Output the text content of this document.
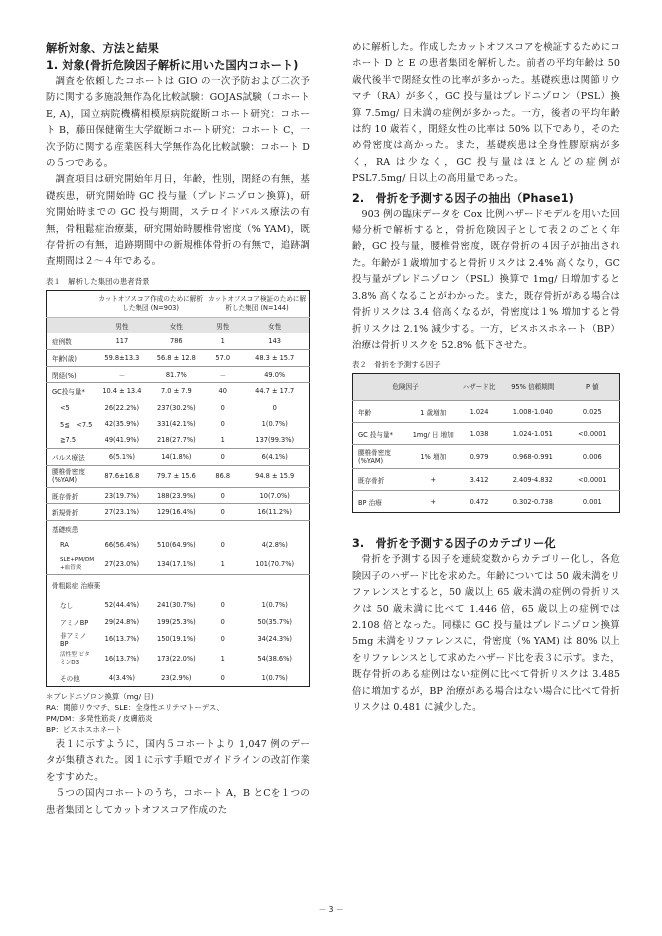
解析対象、方法と結果
1. 対象(骨折危険因子解析に用いた国内コホート)

調査を依頼したコホートは GIO の一次予防および二次予防に関する多施設無作為化比較試験：GOJAS試験（コホート E, A)，国立病院機構相模原病院縦断コホート研究：コホート B，藤田保健衛生大学縦断コホート研究：コホート C，一次予防に関する産業医科大学無作為化比較試験：コホート D の５つである。

調査項目は研究開始年月日，年齢，性別，閉経の有無，基礎疾患，研究開始時 GC 投与量（プレドニゾロン換算)，研究開始時までの GC 投与期間，ステロイドパルス療法の有無，骨粗鬆症治療薬，研究開始時腰椎骨密度（% YAM)，既存骨折の有無，追跡期間中の新規椎体骨折の有無で，追跡調査期間は２～４年である。

表１　解析した集団の患者背景
	カットオフスコア作成のために解析した集団 (N=903)		カットオフスコア検証のために解析した集団 (N=144)	
	男性	女性	男性	女性
症例数	117	786	1	143
年齢(歳)	59.8±13.3	56.8 ± 12.8	57.0	48.3 ± 15.7
閉経(%)	－	81.7%	－	49.0%
GC投与量*	10.4 ± 13.4	7.0 ± 7.9	40	44.7 ± 17.7
<5	26(22.2%)	237(30.2%)	0	0
5≦　<7.5	42(35.9%)	331(42.1%)	0	1(0.7%)
≧7.5	49(41.9%)	218(27.7%)	1	137(99.3%)
パルス療法	6(5.1%)	14(1.8%)	0	6(4.1%)
腰椎骨密度 (%YAM)	87.6±16.8	79.7 ± 15.6	86.8	94.8 ± 15.9
既存骨折	23(19.7%)	188(23.9%)	0	10(7.0%)
新規骨折	27(23.1%)	129(16.4%)	0	16(11.2%)
基礎疾患				
RA	66(56.4%)	510(64.9%)	0	4(2.8%)
SLE+PM/DM +血管炎	27(23.0%)	134(17.1%)	1	101(70.7%)
骨粗鬆症 治療薬				
なし	52(44.4%)	241(30.7%)	0	1(0.7%)
アミノBP	29(24.8%)	199(25.3%)	0	50(35.7%)
非アミノBP	16(13.7%)	150(19.1%)	0	34(24.3%)
活性型 ビタミンD3	16(13.7%)	173(22.0%)	1	54(38.6%)
その他	4(3.4%)	23(2.9%)	0	1(0.7%)
＊プレドニゾロン換算（mg/ 日)
RA：関節リウマチ、SLE：全身性エリテマトーデス、
PM/DM：多発性筋炎 / 皮膚筋炎
BP：ビスホスホネート

表１に示すように，国内５コホートより 1,047 例のデータが集積された。図１に示す手順でガイドラインの改訂作業をすすめた。

５つの国内コホートのうち，コホート A，B とCを１つの患者集団としてカットオフスコア作成のた

めに解析した。作成したカットオフスコアを検証するためにコホート D と E の患者集団を解析した。前者の平均年齢は 50 歳代後半で閉経女性の比率が多かった。基礎疾患は関節リウマチ（RA）が多く，GC 投与量はプレドニゾロン（PSL）換算 7.5mg/ 日未満の症例が多かった。一方，後者の平均年齢は約 10 歳若く，閉経女性の比率は 50% 以下であり，そのため骨密度は高かった。また，基礎疾患は全身性膠原病が多く，RA は少なく，GC 投与量はほとんどの症例が PSL7.5mg/ 日以上の高用量であった。

2.　骨折を予測する因子の抽出（Phase1)

903 例の臨床データを Cox 比例ハザードモデルを用いた回帰分析で解析すると，骨折危険因子として表２のごとく年齢，GC 投与量，腰椎骨密度，既存骨折の４因子が抽出された。年齢が１歳増加すると骨折リスクは 2.4% 高くなり，GC 投与量がプレドニゾロン（PSL）換算で 1mg/ 日増加すると 3.8% 高くなることがわかった。また，既存骨折がある場合は骨折リスクは 3.4 倍高くなるが，骨密度は１% 増加すると骨折リスクは 2.1% 減少する。一方，ビスホスホネート（BP）治療は骨折リスクを 52.8% 低下させた。

表２　骨折を予測する因子
危険因子		ハザード比	95% 信頼期間	P 値
年齢	1 歳増加	1.024	1.008-1.040	0.025
GC 投与量*	1mg/ 日 増加	1.038	1.024-1.051	<0.0001
腰椎骨密度 (%YAM)	1% 増加	0.979	0.968-0.991	0.006
既存骨折	+	3.412	2.409-4.832	<0.0001
BP 治療	+	0.472	0.302-0.738	0.001
3.　骨折を予測する因子のカテゴリー化

骨折を予測する因子を連続変数からカテゴリー化し，各危険因子のハザード比を求めた。年齢については 50 歳未満をリファレンスとすると，50 歳以上 65 歳未満の症例の骨折リスクは 50 歳未満に比べて 1.446 倍，65 歳以上の症例では 2.108 倍となった。同様に GC 投与量はプレドニゾロン換算 5mg 未満をリファレンスに，骨密度（% YAM) は 80% 以上をリファレンスとして求めたハザード比を表３に示す。また，既存骨折のある症例はない症例に比べて骨折リスクは 3.485 倍に増加するが，BP 治療がある場合はない場合に比べて骨折リスクは 0.481 に減少した。

－ 3 －
